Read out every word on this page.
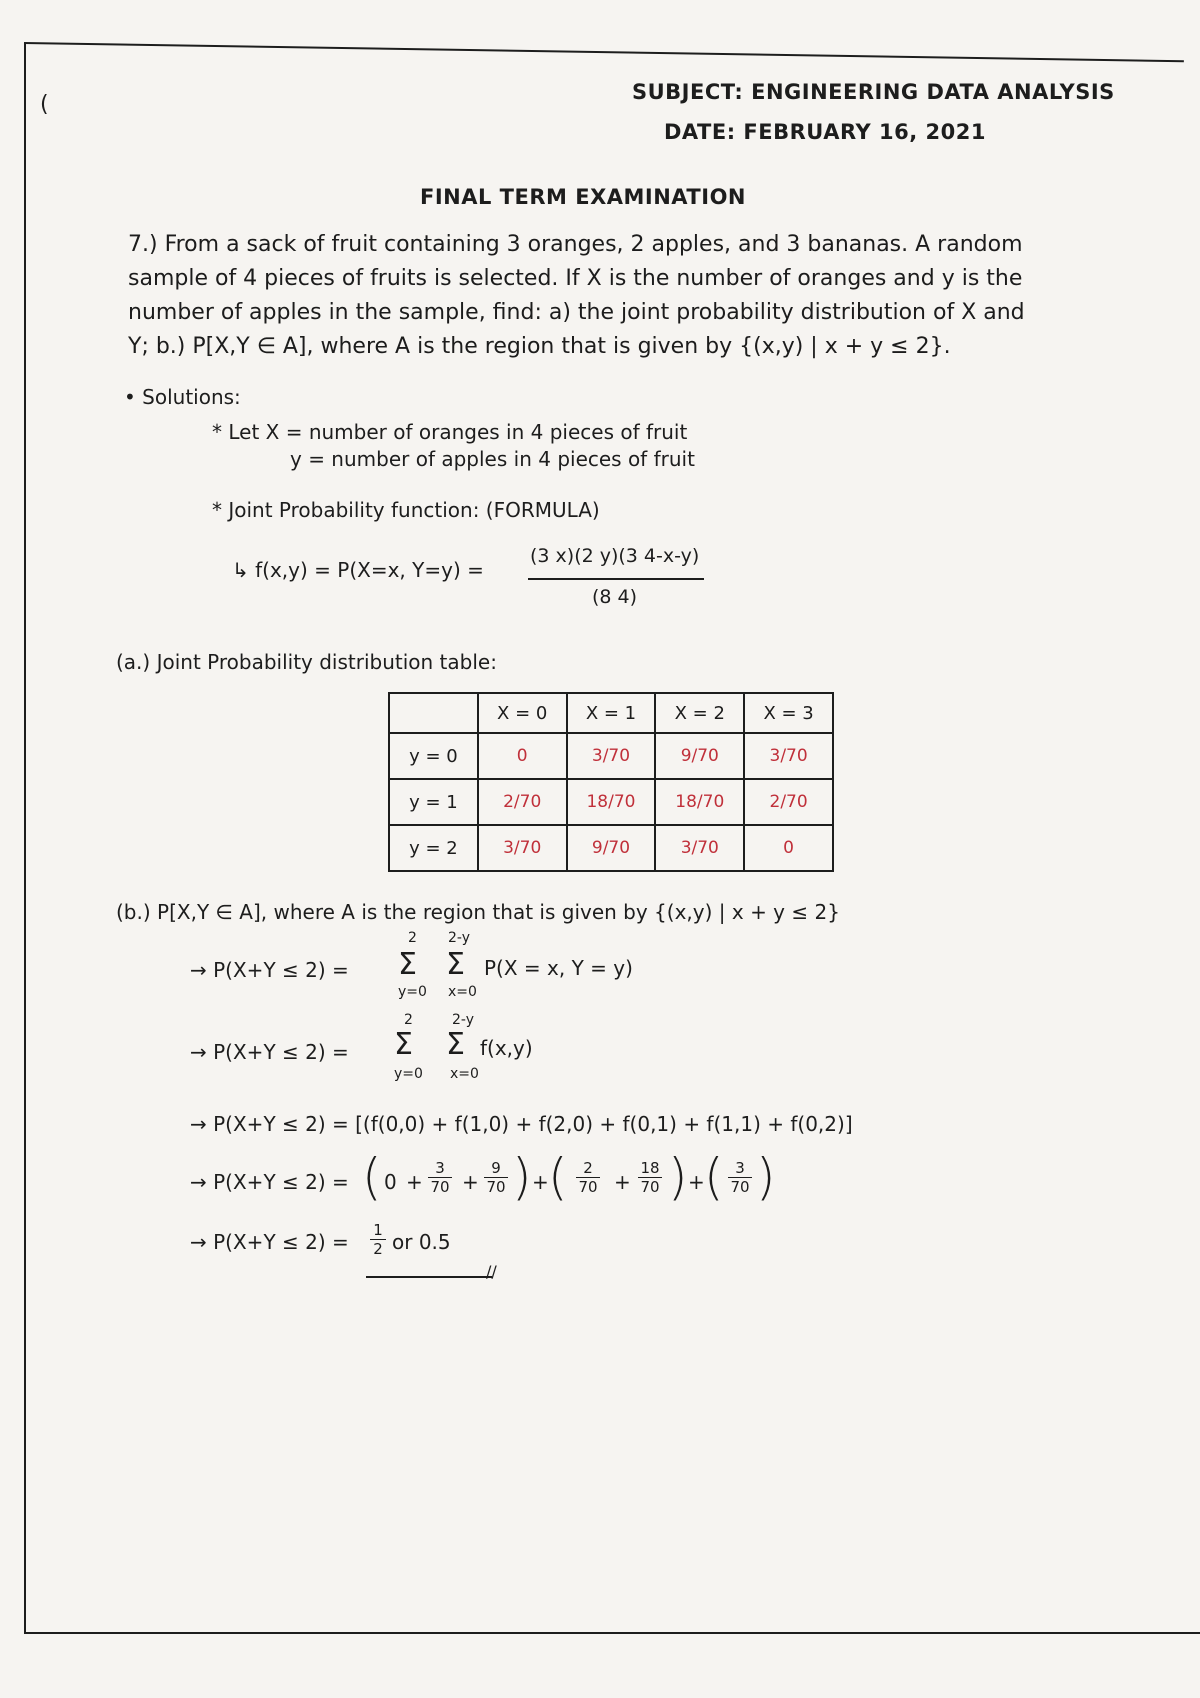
(	SUBJECT: ENGINEERING DATA ANALYSIS
DATE: FEBRUARY 16, 2021
FINAL TERM EXAMINATION
7.) From a sack of fruit containing 3 oranges, 2 apples, and 3 bananas. A random
sample of 4 pieces of fruits is selected. If X is the number of oranges and y is the
number of apples in the sample, find: a) the joint probability distribution of X and
Y; b.) P[X,Y ∈ A], where A is the region that is given by {(x,y) | x + y ≤ 2}.
• Solutions:
* Let X = number of oranges in 4 pieces of fruit
y = number of apples in 4 pieces of fruit
* Joint Probability function: (FORMULA)
↳ f(x,y) = P(X=x, Y=y) =
(3 x)(2 y)(3 4-x-y)
(8 4)
(a.) Joint Probability distribution table:
	X = 0	X = 1	X = 2	X = 3
y = 0	0	3/70	9/70	3/70
y = 1	2/70	18/70	18/70	2/70
y = 2	3/70	9/70	3/70	0
(b.) P[X,Y ∈ A], where A is the region that is given by {(x,y) | x + y ≤ 2}
→ P(X+Y ≤ 2) =
2
Σ
y=0
2-y
Σ
x=0
P(X = x, Y = y)
→ P(X+Y ≤ 2) =
2
Σ
y=0
2-y
Σ
x=0
f(x,y)
→ P(X+Y ≤ 2) = [(f(0,0) + f(1,0) + f(2,0) + f(0,1) + f(1,1) + f(0,2)]
→ P(X+Y ≤ 2) = ( 0 +
3
70 +
9
70 ) + (	2
70 +
18
70 ) + ( 3
70 )
→ P(X+Y ≤ 2) = 1
2 or 0.5
//
